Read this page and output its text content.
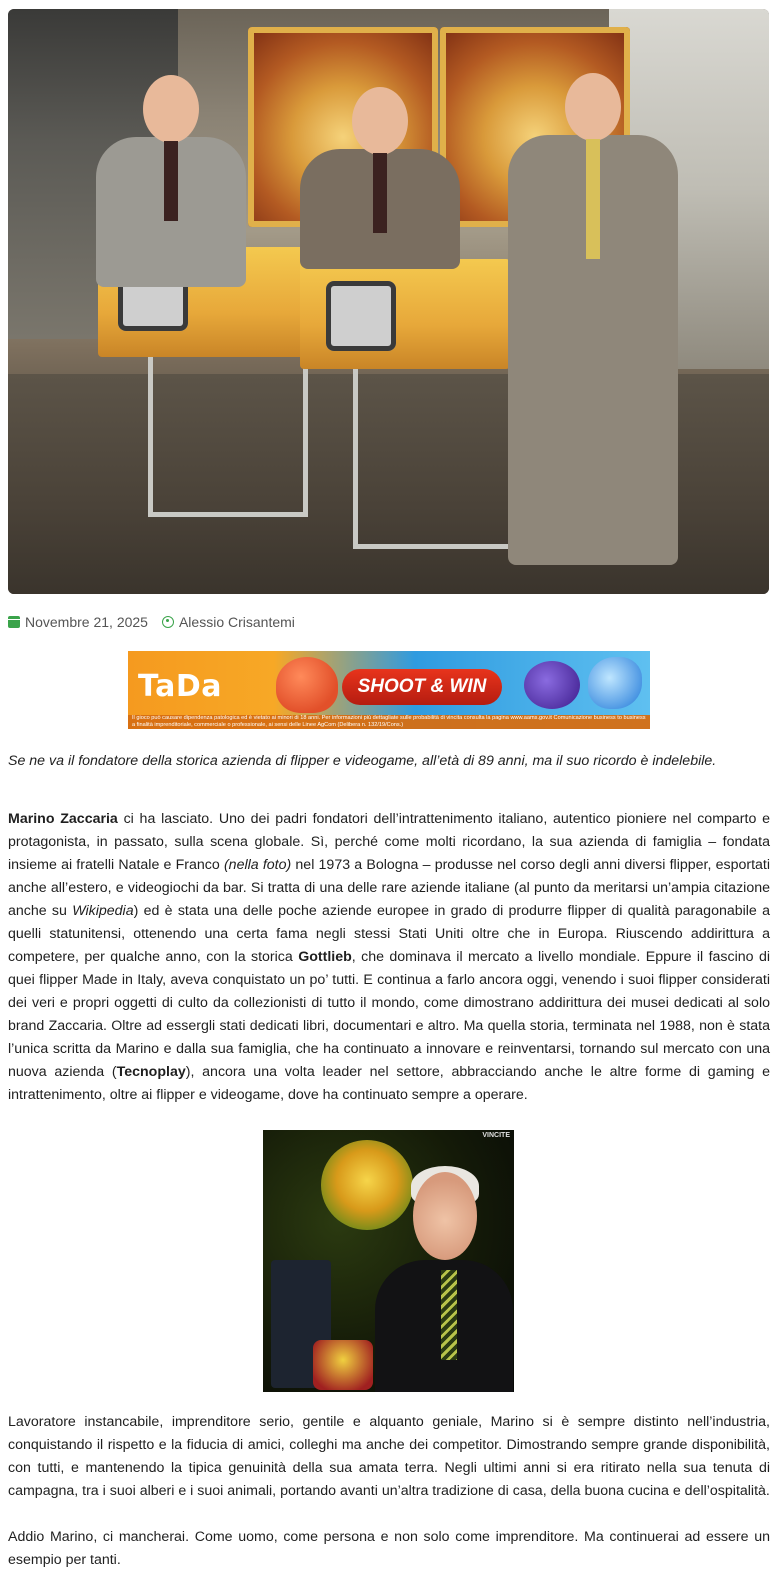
Novembre 21, 2025 Alessio Crisantemi
TaDa	SHOOT & WIN
Il gioco può causare dipendenza patologica ed è vietato ai minori di 18 anni. Per informazioni più dettagliate sulle probabilità di vincita consulta la pagina www.aams.gov.it Comunicazione business to business a finalità imprenditoriale, commerciale o professionale, ai sensi delle Linee AgCom (Delibera n. 132/19/Cons.)

Se ne va il fondatore della storica azienda di flipper e videogame, all’età di 89 anni, ma il suo ricordo è indelebile.

Marino Zaccaria ci ha lasciato. Uno dei padri fondatori dell’intrattenimento italiano, autentico pioniere nel comparto e protagonista, in passato, sulla scena globale. Sì, perché come molti ricordano, la sua azienda di famiglia – fondata insieme ai fratelli Natale e Franco (nella foto) nel 1973 a Bologna – produsse nel corso degli anni diversi flipper, esportati anche all’estero, e videogiochi da bar. Si tratta di una delle rare aziende italiane (al punto da meritarsi un’ampia citazione anche su Wikipedia) ed è stata una delle poche aziende europee in grado di produrre flipper di qualità paragonabile a quelli statunitensi, ottenendo una certa fama negli stessi Stati Uniti oltre che in Europa. Riuscendo addirittura a competere, per qualche anno, con la storica Gottlieb, che dominava il mercato a livello mondiale. Eppure il fascino di quei flipper Made in Italy, aveva conquistato un po’ tutti. E continua a farlo ancora oggi, venendo i suoi flipper considerati dei veri e propri oggetti di culto da collezionisti di tutto il mondo, come dimostrano addirittura dei musei dedicati al solo brand Zaccaria. Oltre ad essergli stati dedicati libri, documentari e altro. Ma quella storia, terminata nel 1988, non è stata l’unica scritta da Marino e dalla sua famiglia, che ha continuato a innovare e reinventarsi, tornando sul mercato con una nuova azienda (Tecnoplay), ancora una volta leader nel settore, abbracciando anche le altre forme di gaming e intrattenimento, oltre ai flipper e videogame, dove ha continuato sempre a operare.

VINCITE

Lavoratore instancabile, imprenditore serio, gentile e alquanto geniale, Marino si è sempre distinto nell’industria, conquistando il rispetto e la fiducia di amici, colleghi ma anche dei competitor. Dimostrando sempre grande disponibilità, con tutti, e mantenendo la tipica genuinità della sua amata terra. Negli ultimi anni si era ritirato nella sua tenuta di campagna, tra i suoi alberi e i suoi animali, portando avanti un’altra tradizione di casa, della buona cucina e dell’ospitalità.

Addio Marino, ci mancherai. Come uomo, come persona e non solo come imprenditore. Ma continuerai ad essere un esempio per tanti.
